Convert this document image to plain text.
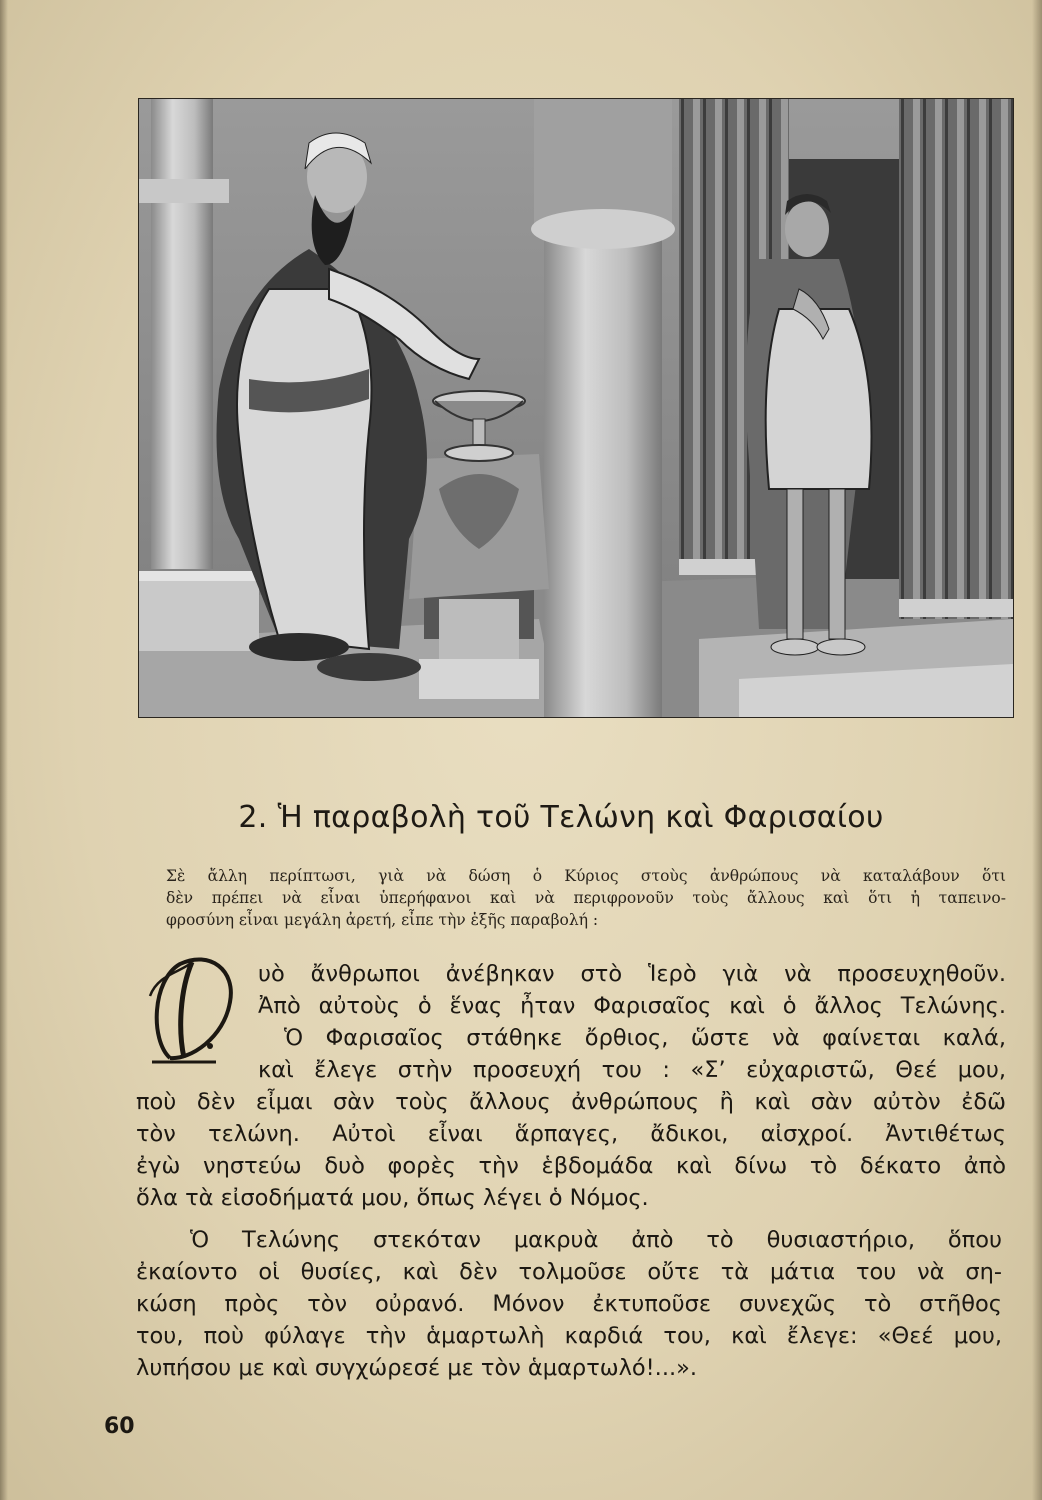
2. Ἡ παραβολὴ τοῦ Τελώνη καὶ Φαρισαίου
Σὲ ἄλλη περίπτωσι, γιὰ νὰ δώση ὁ Κύριος στοὺς ἀνθρώπους νὰ καταλάβουν ὅτι
δὲν πρέπει νὰ εἶναι ὑπερήφανοι καὶ νὰ περιφρονοῦν τοὺς ἄλλους καὶ ὅτι ἡ ταπεινο-
φροσύνη εἶναι μεγάλη ἀρετή, εἶπε τὴν ἑξῆς παραβολή :
D
υὸ ἄνθρωποι ἀνέβηκαν στὸ Ἱερὸ γιὰ νὰ προσευχηθοῦν.
Ἀπὸ αὐτοὺς ὁ ἕνας ἦταν Φαρισαῖος καὶ ὁ ἄλλος Τελώνης.
Ὁ Φαρισαῖος στάθηκε ὄρθιος, ὥστε νὰ φαίνεται καλά,
καὶ ἔλεγε στὴν προσευχή του : «Σ’ εὐχαριστῶ, Θεέ μου,
ποὺ δὲν εἶμαι σὰν τοὺς ἄλλους ἀνθρώπους ἢ καὶ σὰν αὐτὸν ἐδῶ
τὸν τελώνη. Αὐτοὶ εἶναι ἅρπαγες, ἄδικοι, αἰσχροί. Ἀντιθέτως
ἐγὼ νηστεύω δυὸ φορὲς τὴν ἑβδομάδα καὶ δίνω τὸ δέκατο ἀπὸ
ὅλα τὰ εἰσοδήματά μου, ὅπως λέγει ὁ Νόμος.
Ὁ Τελώνης στεκόταν μακρυὰ ἀπὸ τὸ θυσιαστήριο, ὅπου
ἐκαίοντο οἱ θυσίες, καὶ δὲν τολμοῦσε οὔτε τὰ μάτια του νὰ ση-
κώση πρὸς τὸν οὐρανό. Μόνον ἐκτυποῦσε συνεχῶς τὸ στῆθος
του, ποὺ φύλαγε τὴν ἁμαρτωλὴ καρδιά του, καὶ ἔλεγε: «Θεέ μου,
λυπήσου με καὶ συγχώρεσέ με τὸν ἁμαρτωλό!...».
60
